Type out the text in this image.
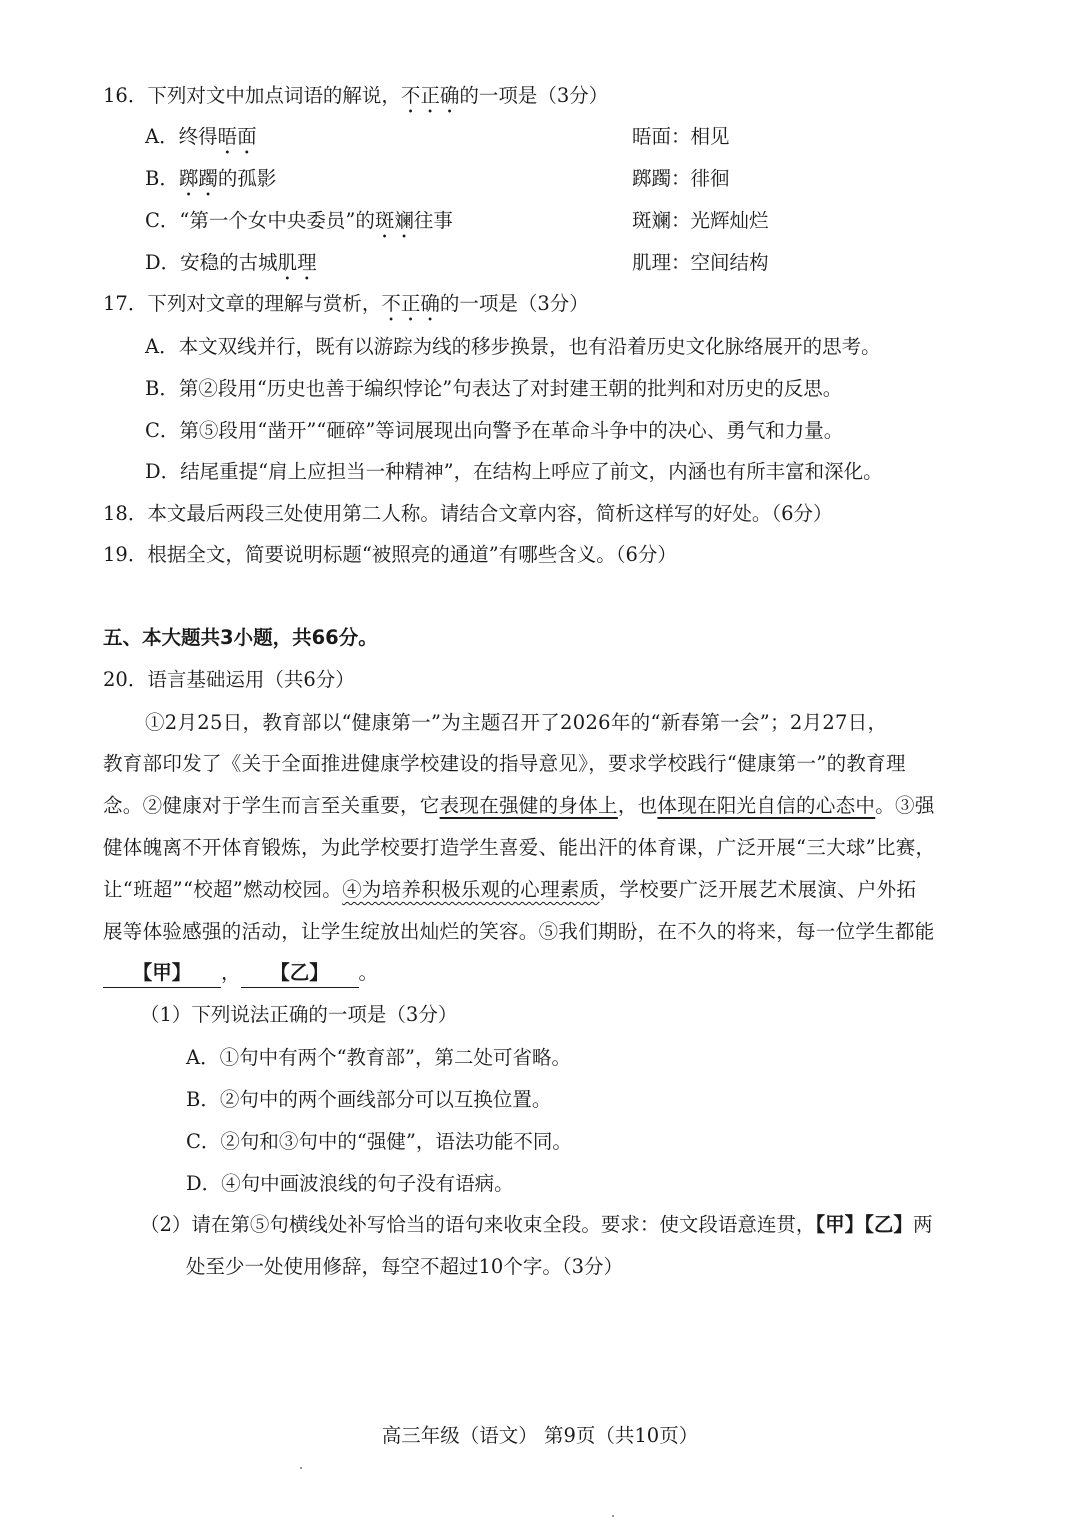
16．下列对文中加点词语的解说，不正确的一项是（3分）
A．终得晤面	晤面：相见
B．踯躅的孤影	踯躅：徘徊
C．“第一个女中央委员”的斑斓往事	斑斓：光辉灿烂
D．安稳的古城肌理	肌理：空间结构
17．下列对文章的理解与赏析，不正确的一项是（3分）
A．本文双线并行，既有以游踪为线的移步换景，也有沿着历史文化脉络展开的思考。
B．第②段用“历史也善于编织悖论”句表达了对封建王朝的批判和对历史的反思。
C．第⑤段用“凿开”“砸碎”等词展现出向警予在革命斗争中的决心、勇气和力量。
D．结尾重提“肩上应担当一种精神”，在结构上呼应了前文，内涵也有所丰富和深化。
18．本文最后两段三处使用第二人称。请结合文章内容，简析这样写的好处。（6分）
19．根据全文，简要说明标题“被照亮的通道”有哪些含义。（6分）
五、本大题共3小题，共66分。
20．语言基础运用（共6分）
①2月25日，教育部以“健康第一”为主题召开了2026年的“新春第一会”；2月27日，
教育部印发了《关于全面推进健康学校建设的指导意见》，要求学校践行“健康第一”的教育理
念。②健康对于学生而言至关重要，它表现在强健的身体上，也体现在阳光自信的心态中。③强
健体魄离不开体育锻炼，为此学校要打造学生喜爱、能出汗的体育课，广泛开展“三大球”比赛，
让“班超”“校超”燃动校园。④为培养积极乐观的心理素质，学校要广泛开展艺术展演、户外拓
展等体验感强的活动，让学生绽放出灿烂的笑容。⑤我们期盼，在不久的将来，每一位学生都能
【甲】 ， 【乙】 。
（1）下列说法正确的一项是（3分）
A．①句中有两个“教育部”，第二处可省略。
B．②句中的两个画线部分可以互换位置。
C．②句和③句中的“强健”，语法功能不同。
D．④句中画波浪线的句子没有语病。
（2）请在第⑤句横线处补写恰当的语句来收束全段。要求：使文段语意连贯，【甲】【乙】两
处至少一处使用修辞，每空不超过10个字。（3分）
高三年级（语文） 第9页（共10页）
